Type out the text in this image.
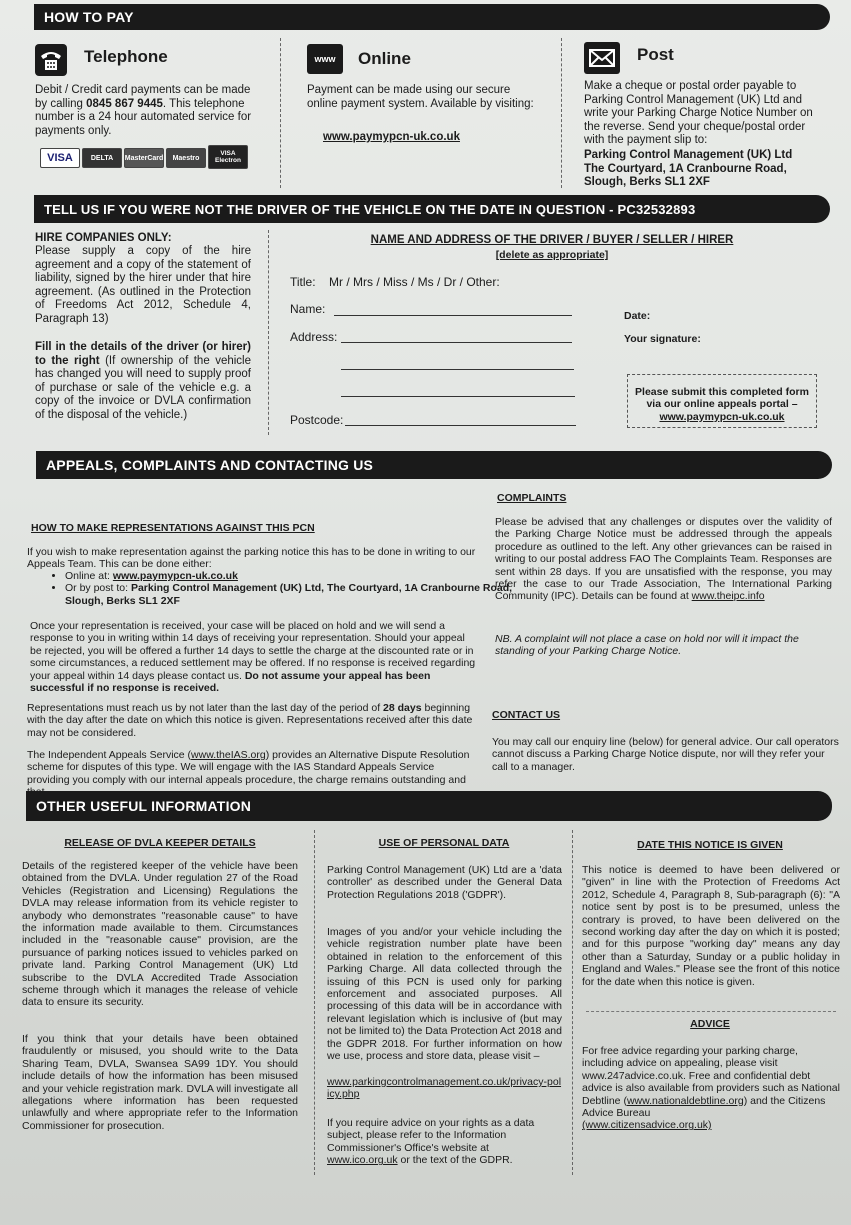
HOW TO PAY
Telephone
Debit / Credit card payments can be made by calling 0845 867 9445. This telephone number is a 24 hour automated service for payments only.
VISA	DELTA	MasterCard	Maestro
VISA Electron
www	Online
Payment can be made using our secure online payment system. Available by visiting:
www.paymypcn-uk.co.uk
Post
Make a cheque or postal order payable to Parking Control Management (UK) Ltd and write your Parking Charge Notice Number on the reverse. Send your cheque/postal order with the payment slip to:
Parking Control Management (UK) Ltd
The Courtyard, 1A Cranbourne Road,
Slough, Berks SL1 2XF
TELL US IF YOU WERE NOT THE DRIVER OF THE VEHICLE ON THE DATE IN QUESTION - PC32532893
HIRE COMPANIES ONLY:
Please supply a copy of the hire agreement and a copy of the statement of liability, signed by the hirer under that hire agreement. (As outlined in the Protection of Freedoms Act 2012, Schedule 4, Paragraph 13)
Fill in the details of the driver (or hirer) to the right (If ownership of the vehicle has changed you will need to supply proof of purchase or sale of the vehicle e.g. a copy of the invoice or DVLA confirmation of the disposal of the vehicle.)
NAME AND ADDRESS OF THE DRIVER / BUYER / SELLER / HIRER
[delete as appropriate]
Title: Mr / Mrs / Miss / Ms / Dr / Other:
Name:
Address:
Postcode:
Date:
Your signature:
Please submit this completed form via our online appeals portal –
www.paymypcn-uk.co.uk
APPEALS, COMPLAINTS AND CONTACTING US
HOW TO MAKE REPRESENTATIONS AGAINST THIS PCN
If you wish to make representation against the parking notice this has to be done in writing to our Appeals Team. This can be done either:
• Online at: www.paymypcn-uk.co.uk
• Or by post to: Parking Control Management (UK) Ltd, The Courtyard, 1A Cranbourne Road, Slough, Berks SL1 2XF
Once your representation is received, your case will be placed on hold and we will send a response to you in writing within 14 days of receiving your representation. Should your appeal be rejected, you will be offered a further 14 days to settle the charge at the discounted rate or in some circumstances, a reduced settlement may be offered. If no response is received regarding your appeal within 14 days please contact us. Do not assume your appeal has been successful if no response is received.
Representations must reach us by not later than the last day of the period of 28 days beginning with the day after the date on which this notice is given. Representations received after this date may not be considered.
The Independent Appeals Service (www.theIAS.org) provides an Alternative Dispute Resolution scheme for disputes of this type. We will engage with the IAS Standard Appeals Service providing you comply with our internal appeals procedure, the charge remains outstanding and
COMPLAINTS
Please be advised that any challenges or disputes over the validity of the Parking Charge Notice must be addressed through the appeals procedure as outlined to the left. Any other grievances can be raised in writing to our postal address FAO The Complaints Team. Responses are sent within 28 days. If you are unsatisfied with the response, you may refer the case to our Trade Association, The International Parking Community (IPC). Details can be found at www.theipc.info
NB. A complaint will not place a case on hold nor will it impact the standing of your Parking Charge Notice.
CONTACT US
You may call our enquiry line (below) for general advice. Our call operators cannot discuss a Parking Charge Notice dispute, nor will they refer your call to a manager.
OTHER USEFUL INFORMATION
RELEASE OF DVLA KEEPER DETAILS
Details of the registered keeper of the vehicle have been obtained from the DVLA. Under regulation 27 of the Road Vehicles (Registration and Licensing) Regulations the DVLA may release information from its vehicle register to anybody who demonstrates "reasonable cause" to have the information made available to them. Circumstances included in the "reasonable cause" provision, are the pursuance of parking notices issued to vehicles parked on private land. Parking Control Management (UK) Ltd subscribe to the DVLA Accredited Trade Association scheme through which it manages the release of vehicle data to ensure its security.
If you think that your details have been obtained fraudulently or misused, you should write to the Data Sharing Team, DVLA, Swansea SA99 1DY. You should include details of how the information has been misused and your vehicle registration mark. DVLA will investigate all allegations where information has been requested unlawfully and where appropriate refer to the Information Commissioner for prosecution.
USE OF PERSONAL DATA
Parking Control Management (UK) Ltd are a 'data controller' as described under the General Data Protection Regulations 2018 ('GDPR').
Images of you and/or your vehicle including the vehicle registration number plate have been obtained in relation to the enforcement of this Parking Charge. All data collected through the issuing of this PCN is used only for parking enforcement and associated purposes. All processing of this data will be in accordance with relevant legislation which is inclusive of (but may not be limited to) the Data Protection Act 2018 and the GDPR 2018. For further information on how we use, process and store data, please visit –
www.parkingcontrolmanagement.co.uk/privacy-policy.php
If you require advice on your rights as a data subject, please refer to the Information Commissioner's Office's website at www.ico.org.uk or the text of the GDPR.
DATE THIS NOTICE IS GIVEN
This notice is deemed to have been delivered or "given" in line with the Protection of Freedoms Act 2012, Schedule 4, Paragraph 8, Sub-paragraph (6): "A notice sent by post is to be presumed, unless the contrary is proved, to have been delivered on the second working day after the day on which it is posted; and for this purpose "working day" means any day other than a Saturday, Sunday or a public holiday in England and Wales." Please see the front of this notice for the date when this notice is given.
ADVICE
For free advice regarding your parking charge, including advice on appealing, please visit www.247advice.co.uk. Free and confidential debt advice is also available from providers such as National Debtline (www.nationaldebtline.org) and the Citizens Advice Bureau
(www.citizensadvice.org.uk)
